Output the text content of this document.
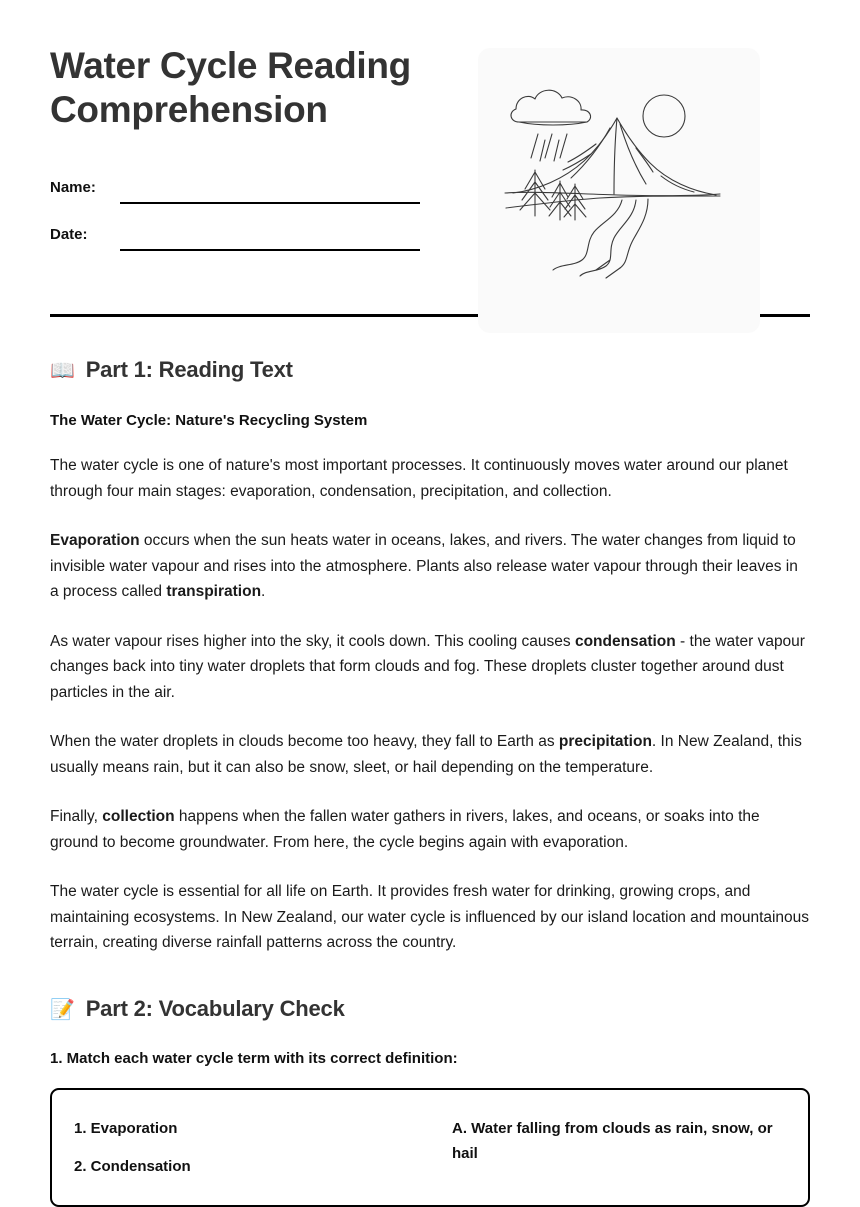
Water Cycle Reading Comprehension
Name:
Date:
📖 Part 1: Reading Text
The Water Cycle: Nature's Recycling System

The water cycle is one of nature's most important processes. It continuously moves water around our planet through four main stages: evaporation, condensation, precipitation, and collection.

Evaporation occurs when the sun heats water in oceans, lakes, and rivers. The water changes from liquid to invisible water vapour and rises into the atmosphere. Plants also release water vapour through their leaves in a process called transpiration.

As water vapour rises higher into the sky, it cools down. This cooling causes condensation - the water vapour changes back into tiny water droplets that form clouds and fog. These droplets cluster together around dust particles in the air.

When the water droplets in clouds become too heavy, they fall to Earth as precipitation. In New Zealand, this usually means rain, but it can also be snow, sleet, or hail depending on the temperature.

Finally, collection happens when the fallen water gathers in rivers, lakes, and oceans, or soaks into the ground to become groundwater. From here, the cycle begins again with evaporation.

The water cycle is essential for all life on Earth. It provides fresh water for drinking, growing crops, and maintaining ecosystems. In New Zealand, our water cycle is influenced by our island location and mountainous terrain, creating diverse rainfall patterns across the country.

📝 Part 2: Vocabulary Check
1. Match each water cycle term with its correct definition:
1. Evaporation
2. Condensation
A. Water falling from clouds as rain, snow, or hail
